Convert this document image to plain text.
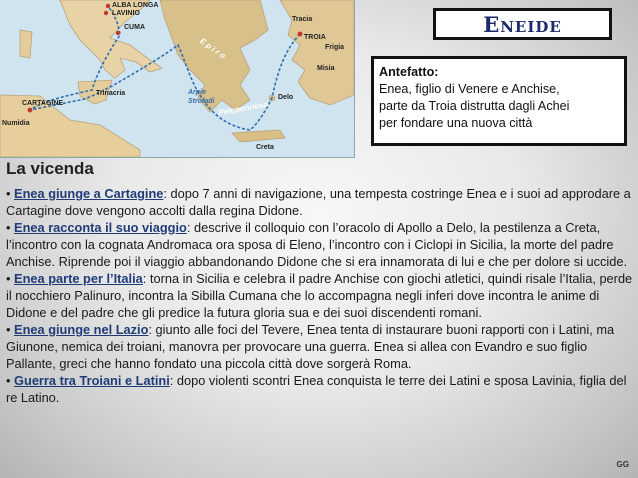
ALBA LONGA
LAVINIO
CUMA
Tracia
Frigia
TROIA
Misia
E p i r o
Trinacria	Arpie
Strofadi Peloponneso
Delo
CARTAGINE
Numidia
Creta
Eneide
Antefatto:
Enea, figlio di Venere e Anchise,
parte da Troia distrutta dagli Achei
per fondare una nuova città
La vicenda

• Enea giunge a Cartagine: dopo 7 anni di navigazione, una tempesta costringe Enea e i suoi ad approdare a Cartagine dove vengono accolti dalla regina Didone.

• Enea racconta il suo viaggio: descrive il colloquio con l’oracolo di Apollo a Delo, la pestilenza a Creta, l’incontro con la cognata Andromaca ora sposa di Eleno, l’incontro con i Ciclopi in Sicilia, la morte del padre Anchise. Riprende poi il viaggio abbandonando Didone che si era innamorata di lui e che per dolore si uccide.

• Enea parte per l’Italia: torna in Sicilia e celebra il padre Anchise con giochi atletici, quindi risale l’Italia, perde il nocchiero Palinuro, incontra la Sibilla Cumana che lo accompagna negli inferi dove incontra le anime di Didone e del padre che gli predice la futura gloria sua e dei suoi discendenti romani.

• Enea giunge nel Lazio: giunto alle foci del Tevere, Enea tenta di instaurare buoni rapporti con i Latini, ma Giunone, nemica dei troiani, manovra per provocare una guerra. Enea si allea con Evandro e suo figlio Pallante, greci che hanno fondato una piccola città dove sorgerà Roma.

• Guerra tra Troiani e Latini: dopo violenti scontri Enea conquista le terre dei Latini e sposa Lavinia, figlia del re Latino.

GG
